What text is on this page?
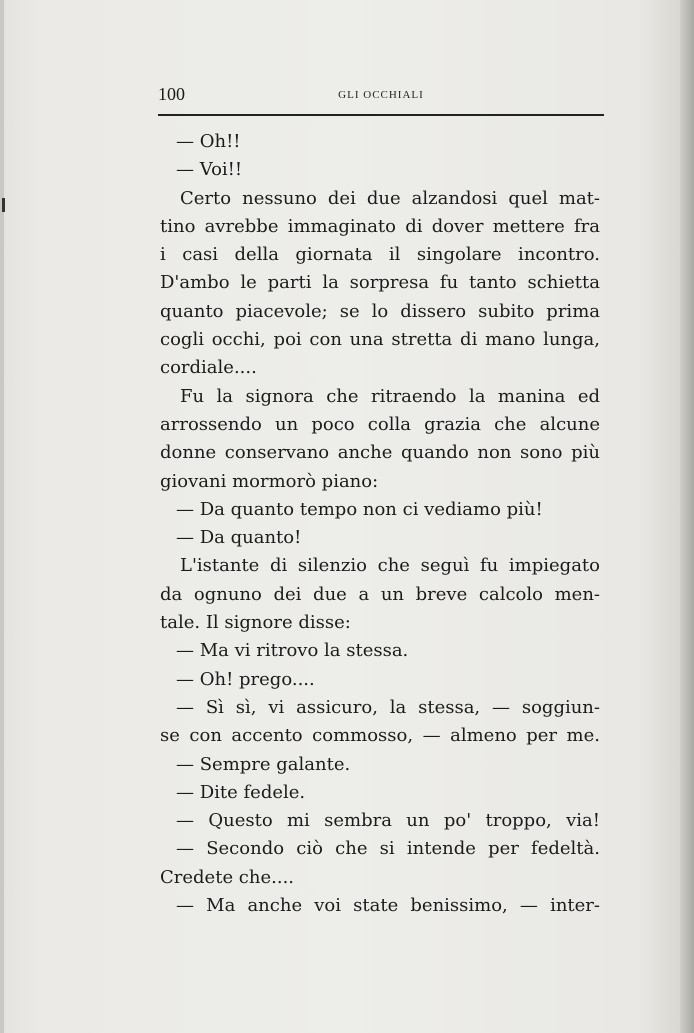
100	GLI OCCHIALI
— Oh!!
— Voi!!
Certo nessuno dei due alzandosi quel mat-
tino avrebbe immaginato di dover mettere fra
i casi della giornata il singolare incontro.
D'ambo le parti la sorpresa fu tanto schietta
quanto piacevole; se lo dissero subito prima
cogli occhi, poi con una stretta di mano lunga,
cordiale....
Fu la signora che ritraendo la manina ed
arrossendo un poco colla grazia che alcune
donne conservano anche quando non sono più
giovani mormorò piano:
— Da quanto tempo non ci vediamo più!
— Da quanto!
L'istante di silenzio che seguì fu impiegato
da ognuno dei due a un breve calcolo men-
tale. Il signore disse:
— Ma vi ritrovo la stessa.
— Oh! prego....
— Sì sì, vi assicuro, la stessa, — soggiun-
se con accento commosso, — almeno per me.
— Sempre galante.
— Dite fedele.
— Questo mi sembra un po' troppo, via!
— Secondo ciò che si intende per fedeltà.
Credete che....
— Ma anche voi state benissimo, — inter-
